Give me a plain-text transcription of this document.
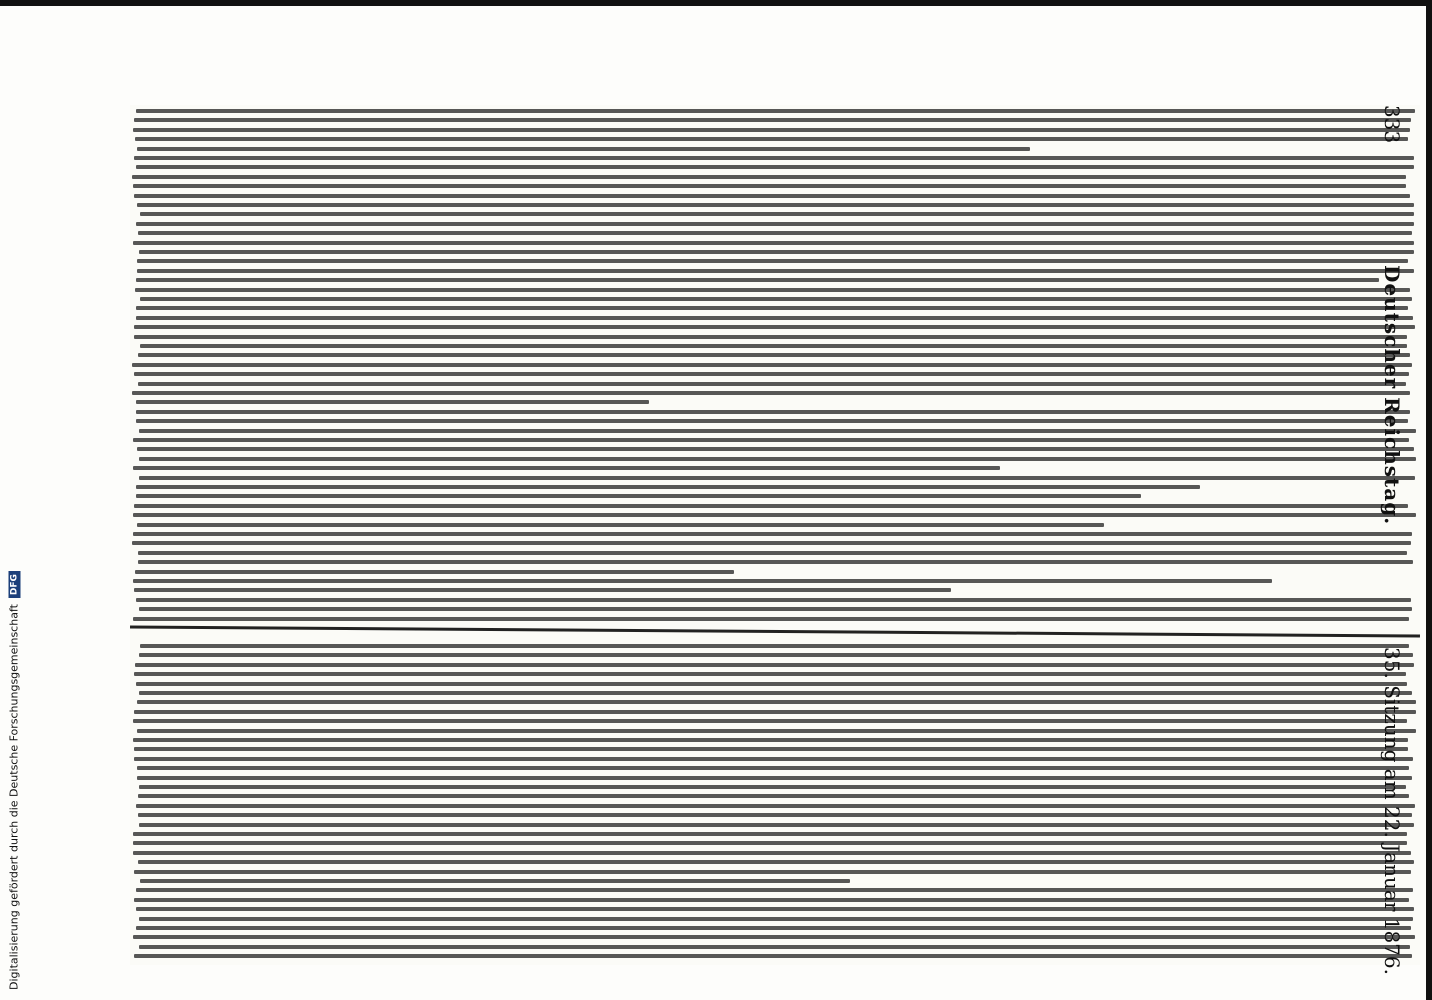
Digitalisierung gefördert durch die Deutsche Forschungsgemeinschaft
DFG
333
Deutscher Reichstag.
35. Sitzung am 22. Januar 1876.
